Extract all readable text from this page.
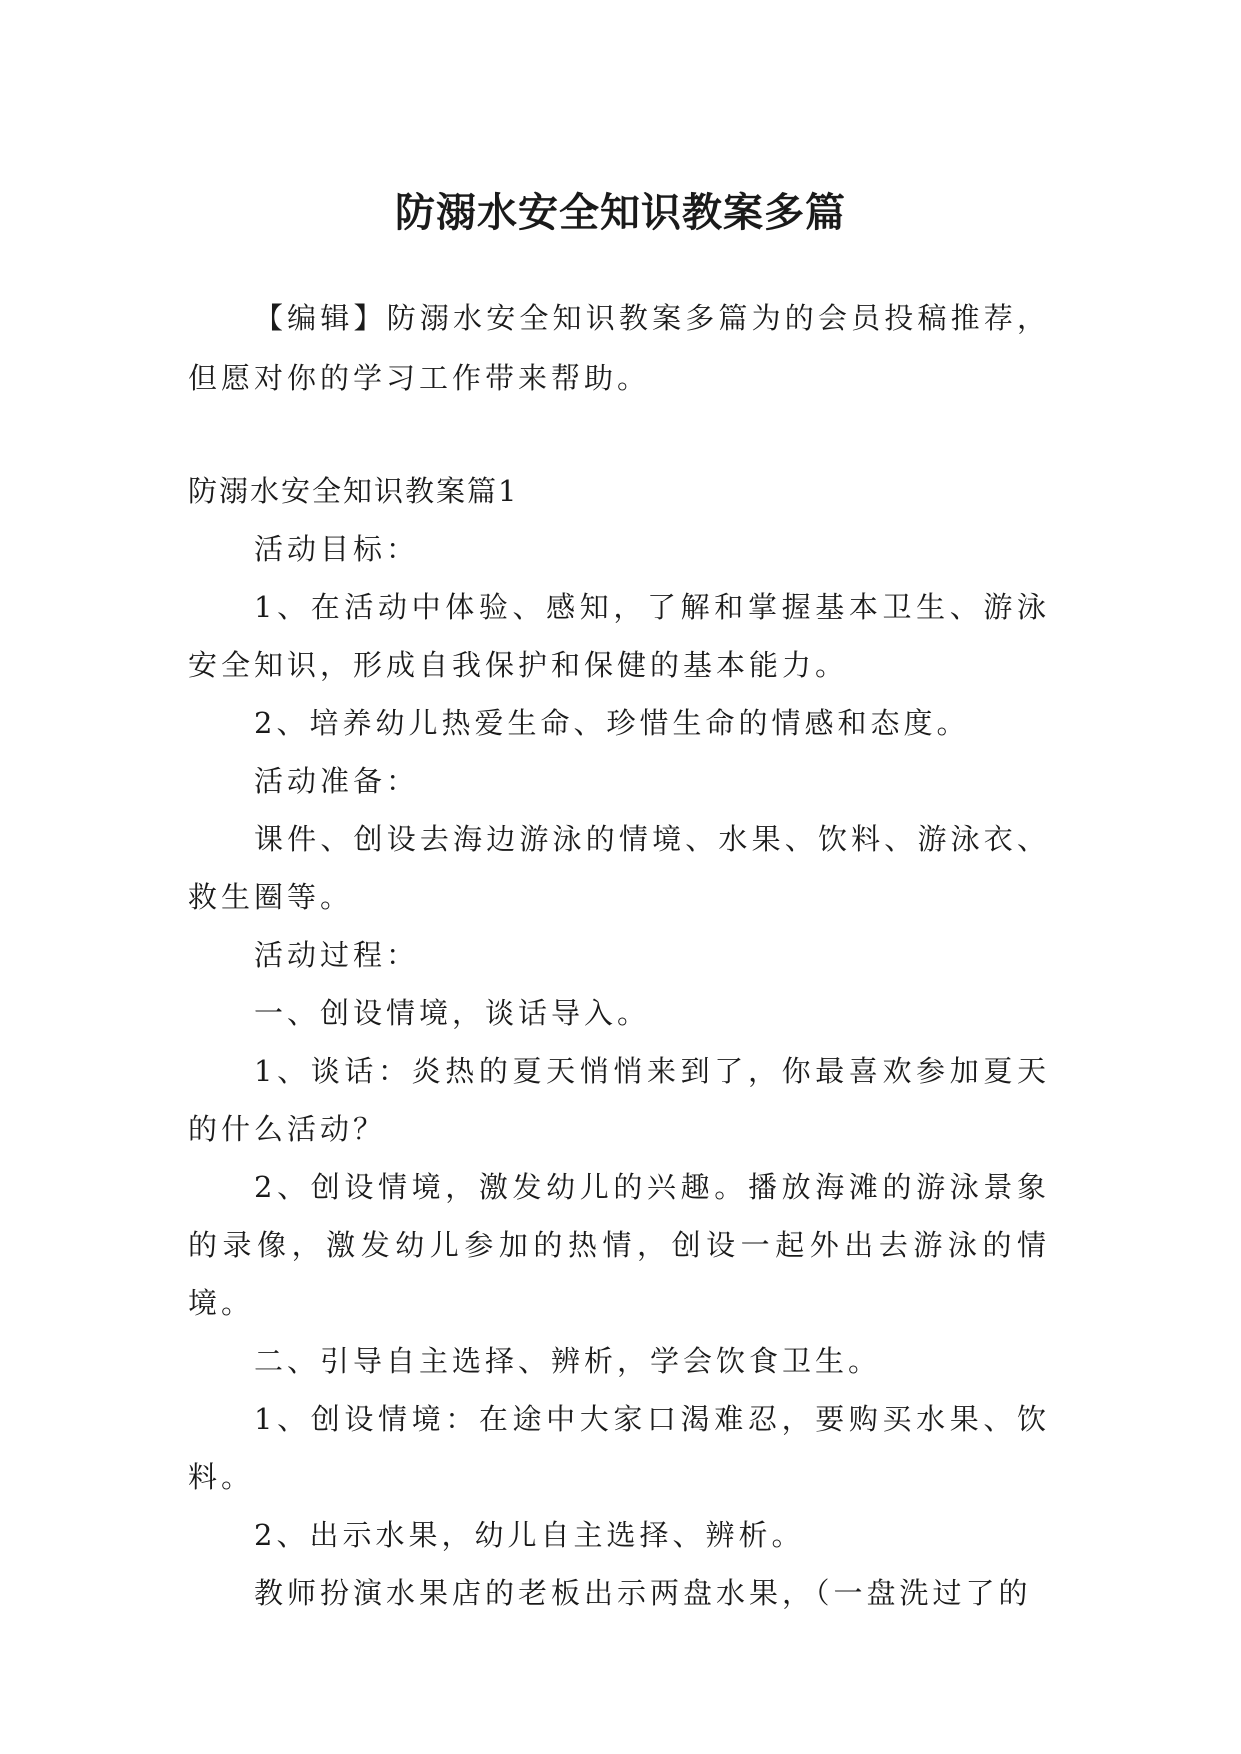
防溺水安全知识教案多篇

【编辑】防溺水安全知识教案多篇为的会员投稿推荐，但愿对你的学习工作带来帮助。

防溺水安全知识教案篇1

活动目标：

1、在活动中体验、感知，了解和掌握基本卫生、游泳安全知识，形成自我保护和保健的基本能力。

2、培养幼儿热爱生命、珍惜生命的情感和态度。

活动准备：

课件、创设去海边游泳的情境、水果、饮料、游泳衣、救生圈等。

活动过程：

一、创设情境，谈话导入。

1、谈话：炎热的夏天悄悄来到了，你最喜欢参加夏天的什么活动？

2、创设情境，激发幼儿的兴趣。播放海滩的游泳景象的录像，激发幼儿参加的热情，创设一起外出去游泳的情境。

二、引导自主选择、辨析，学会饮食卫生。

1、创设情境：在途中大家口渴难忍，要购买水果、饮料。

2、出示水果，幼儿自主选择、辨析。

教师扮演水果店的老板出示两盘水果，（一盘洗过了的
